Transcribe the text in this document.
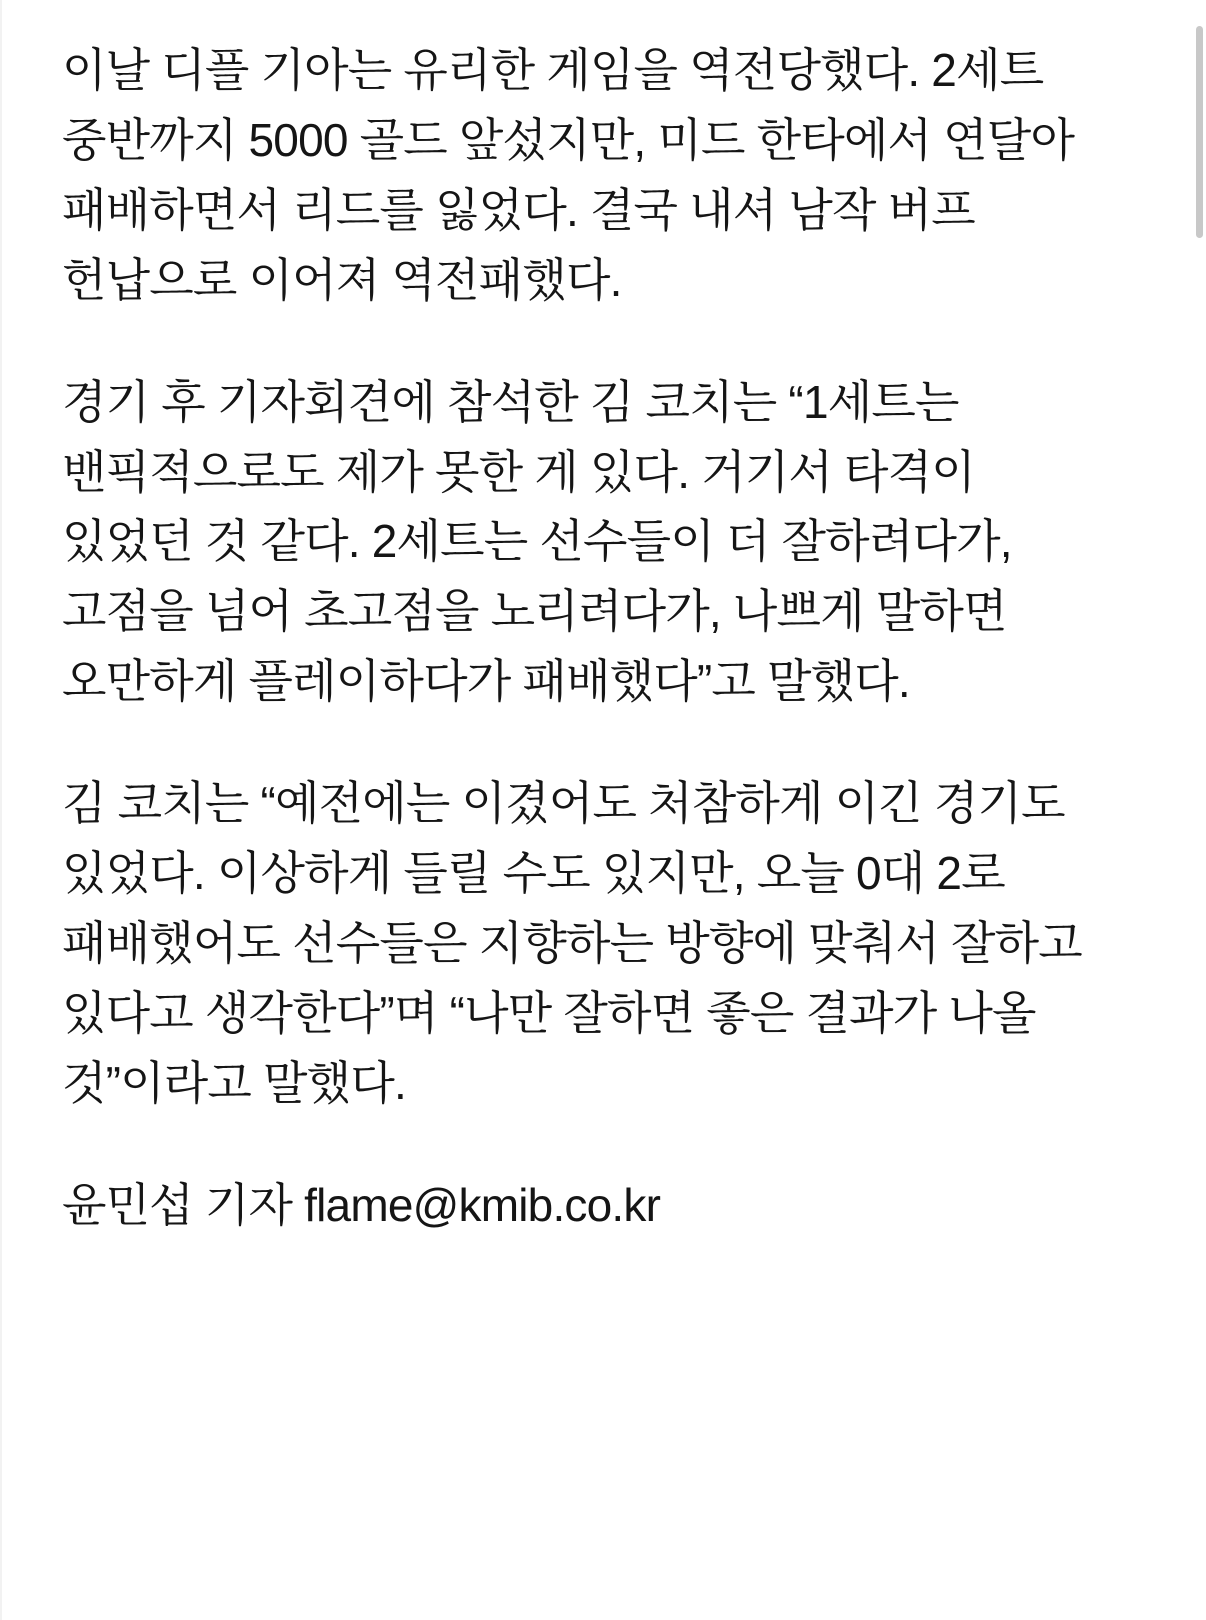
이날 디플 기아는 유리한 게임을 역전당했다. 2세트 중반까지 5000 골드 앞섰지만, 미드 한타에서 연달아 패배하면서 리드를 잃었다. 결국 내셔 남작 버프 헌납으로 이어져 역전패했다.

경기 후 기자회견에 참석한 김 코치는 “1세트는 밴픽적으로도 제가 못한 게 있다. 거기서 타격이 있었던 것 같다. 2세트는 선수들이 더 잘하려다가, 고점을 넘어 초고점을 노리려다가, 나쁘게 말하면 오만하게 플레이하다가 패배했다”고 말했다.

김 코치는 “예전에는 이겼어도 처참하게 이긴 경기도 있었다. 이상하게 들릴 수도 있지만, 오늘 0대 2로 패배했어도 선수들은 지향하는 방향에 맞춰서 잘하고 있다고 생각한다”며 “나만 잘하면 좋은 결과가 나올 것”이라고 말했다.

윤민섭 기자 flame@kmib.co.kr
